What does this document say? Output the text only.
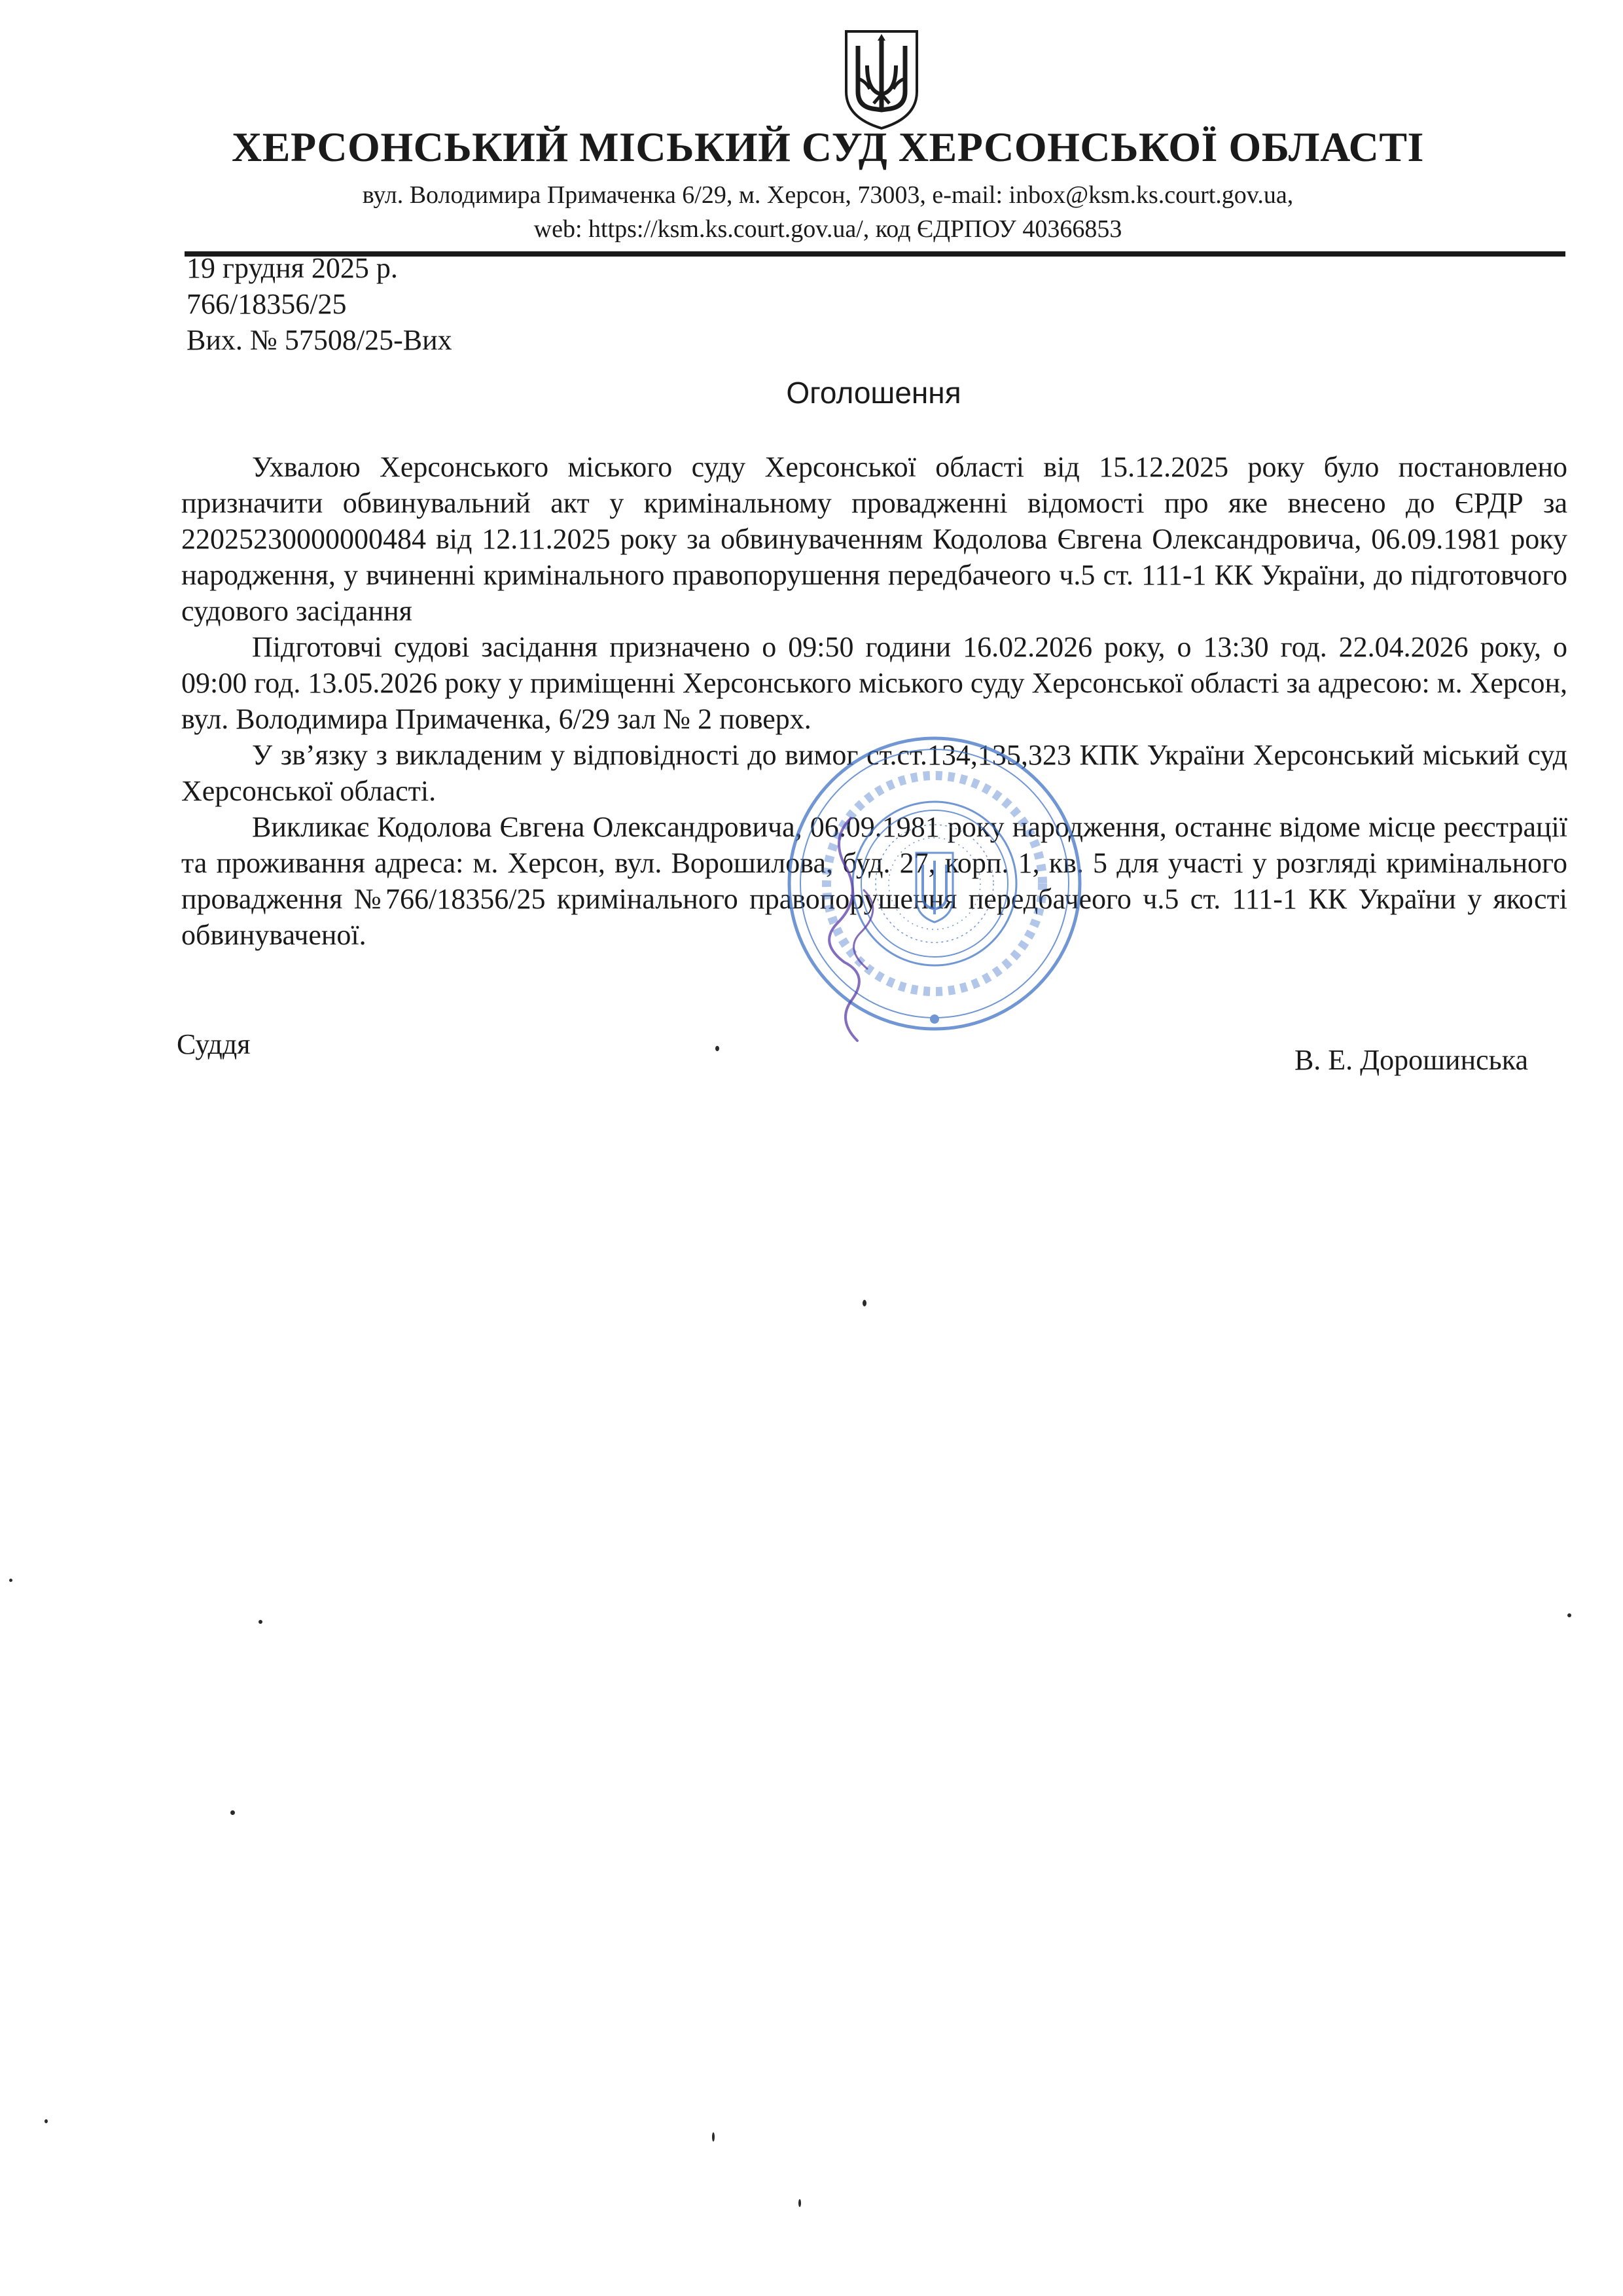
ХЕРСОНСЬКИЙ МІСЬКИЙ СУД ХЕРСОНСЬКОЇ ОБЛАСТІ
вул. Володимира Примаченка 6/29, м. Херсон, 73003, e-mail: inbox@ksm.ks.court.gov.ua,
web: https://ksm.ks.court.gov.ua/, код ЄДРПОУ 40366853
19 грудня 2025 р.
766/18356/25
Вих. № 57508/25-Вих
Оголошення

Ухвалою Херсонського міського суду Херсонської області від 15.12.2025 року було постановлено призначити обвинувальний акт у кримінальному провадженні відомості про яке внесено до ЄРДР за 22025230000000484 від 12.11.2025 року за обвинуваченням Кодолова Євгена Олександровича, 06.09.1981 року народження, у вчиненні кримінального правопорушення передбачеого ч.5 ст. 111-1 КК України, до підготовчого судового засідання

Підготовчі судові засідання призначено о 09:50 години 16.02.2026 року, о 13:30 год. 22.04.2026 року, о 09:00 год. 13.05.2026 року у приміщенні Херсонського міського суду Херсонської області за адресою: м. Херсон, вул. Володимира Примаченка, 6/29 зал № 2 поверх.

У зв’язку з викладеним у відповідності до вимог ст.ст.134,135,323 КПК України Херсонський міський суд Херсонської області.

Викликає Кодолова Євгена Олександровича, 06.09.1981 року народження, останнє відоме місце реєстрації та проживання адреса: м. Херсон, вул. Ворошилова, буд. 27, корп. 1, кв. 5 для участі у розгляді кримінального провадження №766/18356/25 кримінального правопорушення передбачеого ч.5 ст. 111-1 КК України у якості обвинуваченої.

Суддя	В. Е. Дорошинська
